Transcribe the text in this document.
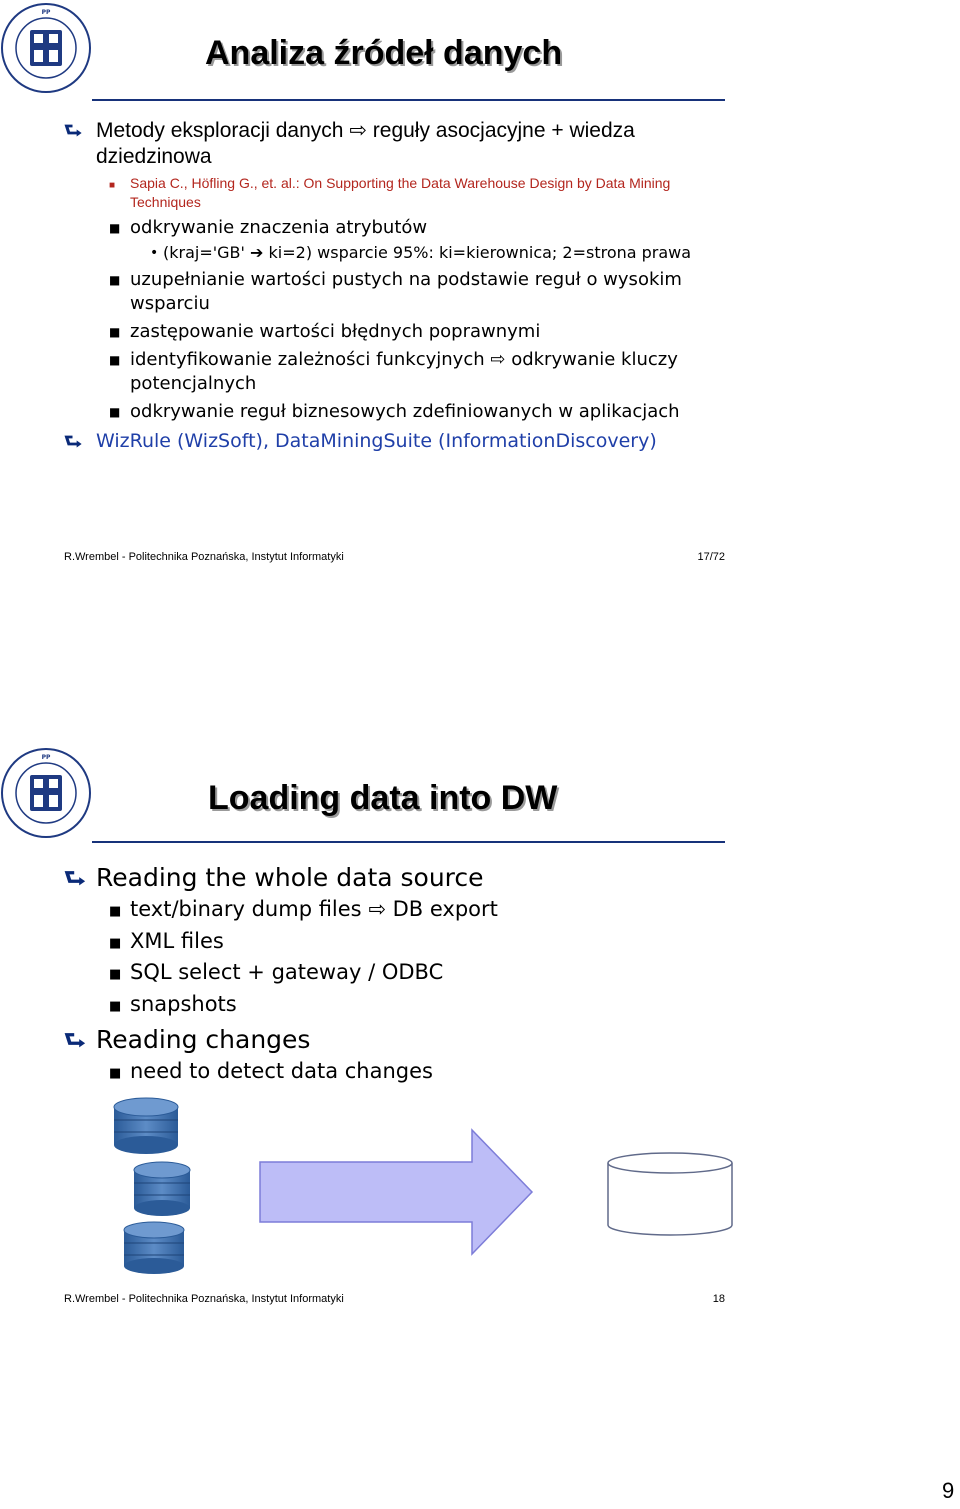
PP
Analiza źródeł danych
⮑ Metody eksploracji danych ⇨ reguły asocjacyjne + wiedza dziedzinowa
■ Sapia C., Höfling G., et. al.: On Supporting the Data Warehouse Design by Data Mining Techniques
■ odkrywanie znaczenia atrybutów
• (kraj='GB' ➔ ki=2) wsparcie 95%: ki=kierownica; 2=strona prawa
■ uzupełnianie wartości pustych na podstawie reguł o wysokim wsparciu
■ zastępowanie wartości błędnych poprawnymi
■ identyfikowanie zależności funkcyjnych ⇨ odkrywanie kluczy potencjalnych
■ odkrywanie reguł biznesowych zdefiniowanych w aplikacjach
⮑ WizRule (WizSoft), DataMiningSuite (InformationDiscovery)
R.Wrembel - Politechnika Poznańska, Instytut Informatyki	17/72
PP
Loading data into DW
⮑ Reading the whole data source
■ text/binary dump files ⇨ DB export
■ XML files
■ SQL select + gateway / ODBC
■ snapshots
⮑ Reading changes
■ need to detect data changes
R.Wrembel - Politechnika Poznańska, Instytut Informatyki	18
9
